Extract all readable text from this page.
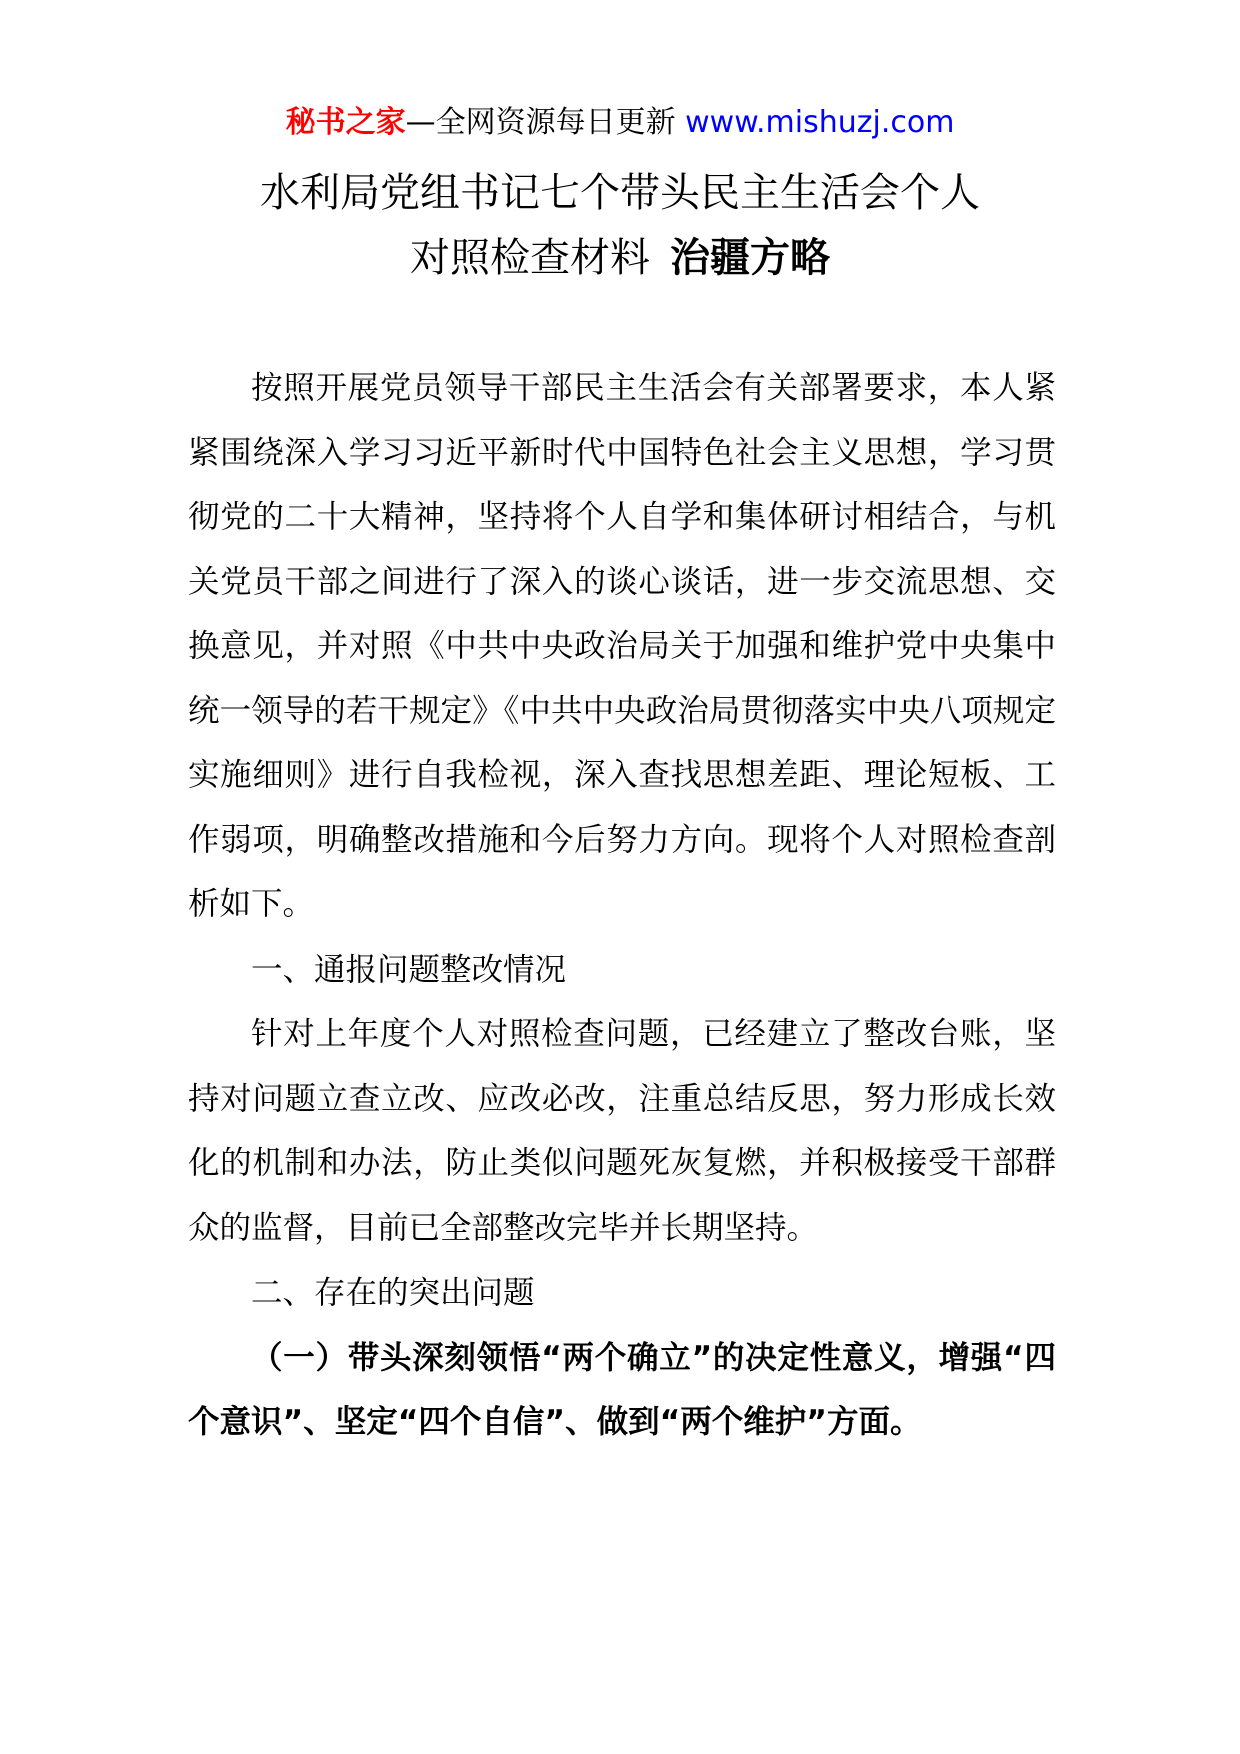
秘书之家—全网资源每日更新 www.mishuzj.com
水利局党组书记七个带头民主生活会个人
对照检查材料 治疆方略

按照开展党员领导干部民主生活会有关部署要求，本人紧紧围绕深入学习习近平新时代中国特色社会主义思想，学习贯彻党的二十大精神，坚持将个人自学和集体研讨相结合，与机关党员干部之间进行了深入的谈心谈话，进一步交流思想、交换意见，并对照《中共中央政治局关于加强和维护党中央集中统一领导的若干规定》《中共中央政治局贯彻落实中央八项规定实施细则》进行自我检视，深入查找思想差距、理论短板、工作弱项，明确整改措施和今后努力方向。现将个人对照检查剖析如下。

一、通报问题整改情况

针对上年度个人对照检查问题，已经建立了整改台账，坚持对问题立查立改、应改必改，注重总结反思，努力形成长效化的机制和办法，防止类似问题死灰复燃，并积极接受干部群众的监督，目前已全部整改完毕并长期坚持。

二、存在的突出问题

（一）带头深刻领悟“两个确立”的决定性意义，增强“四个意识”、坚定“四个自信”、做到“两个维护”方面。
